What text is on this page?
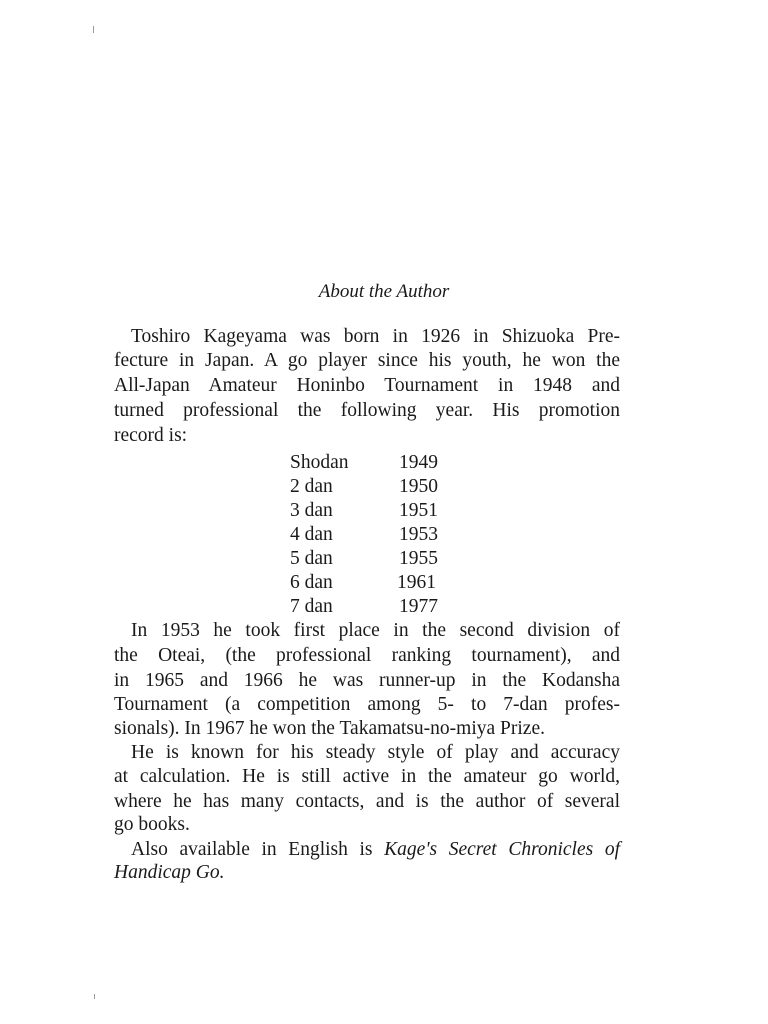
About the Author
Toshiro Kageyama was born in 1926 in Shizuoka Pre-
fecture in Japan. A go player since his youth, he won the
All-Japan Amateur Honinbo Tournament in 1948 and
turned professional the following year. His promotion
record is:
Shodan	1949
2 dan	1950
3 dan	1951
4 dan	1953
5 dan	1955
6 dan	1961
7 dan	1977
In 1953 he took first place in the second division of
the Oteai, (the professional ranking tournament), and
in 1965 and 1966 he was runner-up in the Kodansha
Tournament (a competition among 5- to 7-dan profes-
sionals). In 1967 he won the Takamatsu-no-miya Prize.
He is known for his steady style of play and accuracy
at calculation. He is still active in the amateur go world,
where he has many contacts, and is the author of several
go books.
Also available in English is Kage's Secret Chronicles of
Handicap Go.
